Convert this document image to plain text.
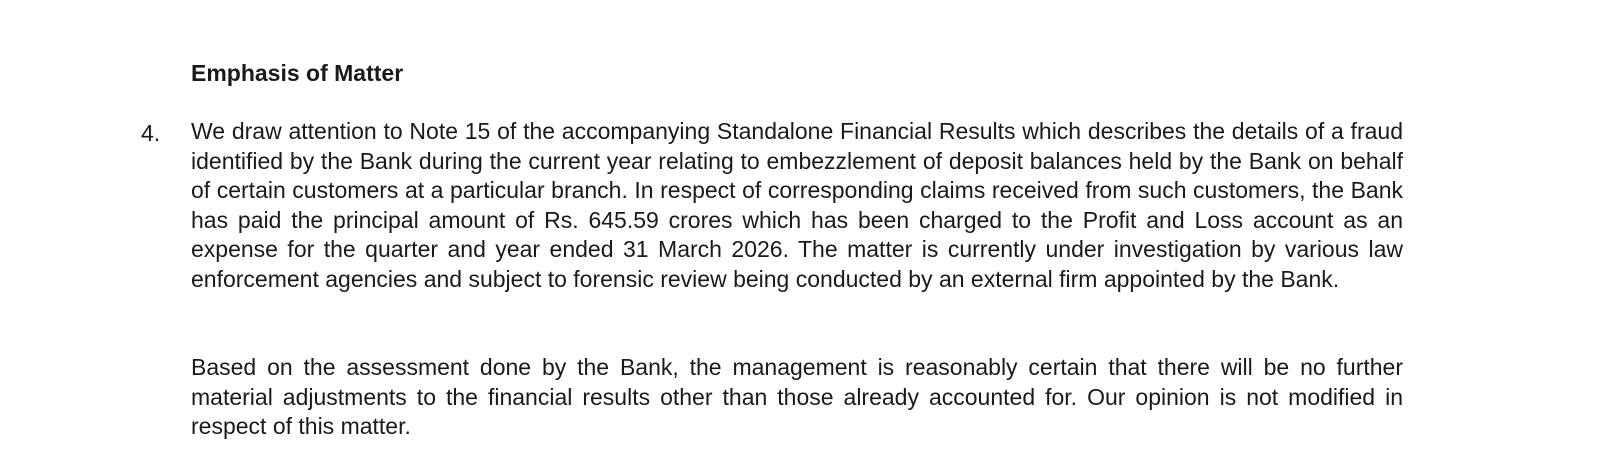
Emphasis of Matter
4. We draw attention to Note 15 of the accompanying Standalone Financial Results which describes the details of a fraud identified by the Bank during the current year relating to embezzlement of deposit balances held by the Bank on behalf of certain customers at a particular branch. In respect of corresponding claims received from such customers, the Bank has paid the principal amount of Rs. 645.59 crores which has been charged to the Profit and Loss account as an expense for the quarter and year ended 31 March 2026. The matter is currently under investigation by various law enforcement agencies and subject to forensic review being conducted by an external firm appointed by the Bank.

Based on the assessment done by the Bank, the management is reasonably certain that there will be no further material adjustments to the financial results other than those already accounted for. Our opinion is not modified in respect of this matter.
